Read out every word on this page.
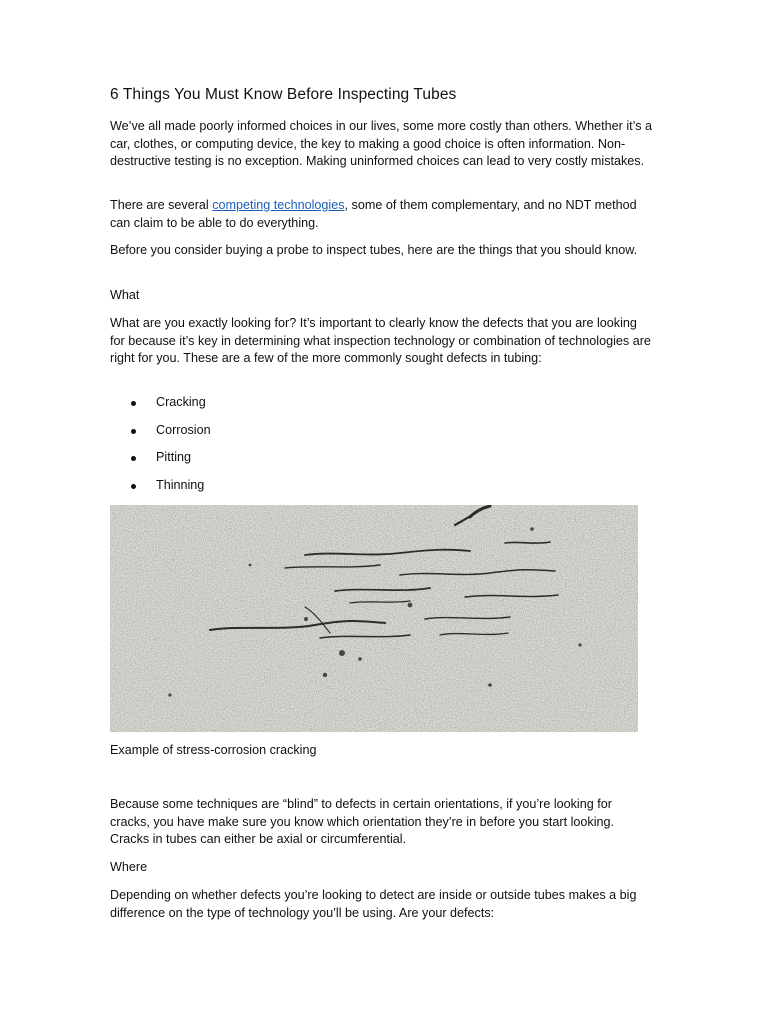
6 Things You Must Know Before Inspecting Tubes

We’ve all made poorly informed choices in our lives, some more costly than others. Whether it’s a car, clothes, or computing device, the key to making a good choice is often information. Non-destructive testing is no exception. Making uninformed choices can lead to very costly mistakes.

There are several competing technologies, some of them complementary, and no NDT method can claim to be able to do everything.

Before you consider buying a probe to inspect tubes, here are the things that you should know.

What

What are you exactly looking for? It’s important to clearly know the defects that you are looking for because it’s key in determining what inspection technology or combination of technologies are right for you. These are a few of the more commonly sought defects in tubing:

Cracking
Corrosion
Pitting
Thinning

Example of stress-corrosion cracking

Because some techniques are “blind” to defects in certain orientations, if you’re looking for cracks, you have make sure you know which orientation they’re in before you start looking. Cracks in tubes can either be axial or circumferential.

Where

Depending on whether defects you’re looking to detect are inside or outside tubes makes a big difference on the type of technology you’ll be using. Are your defects:
